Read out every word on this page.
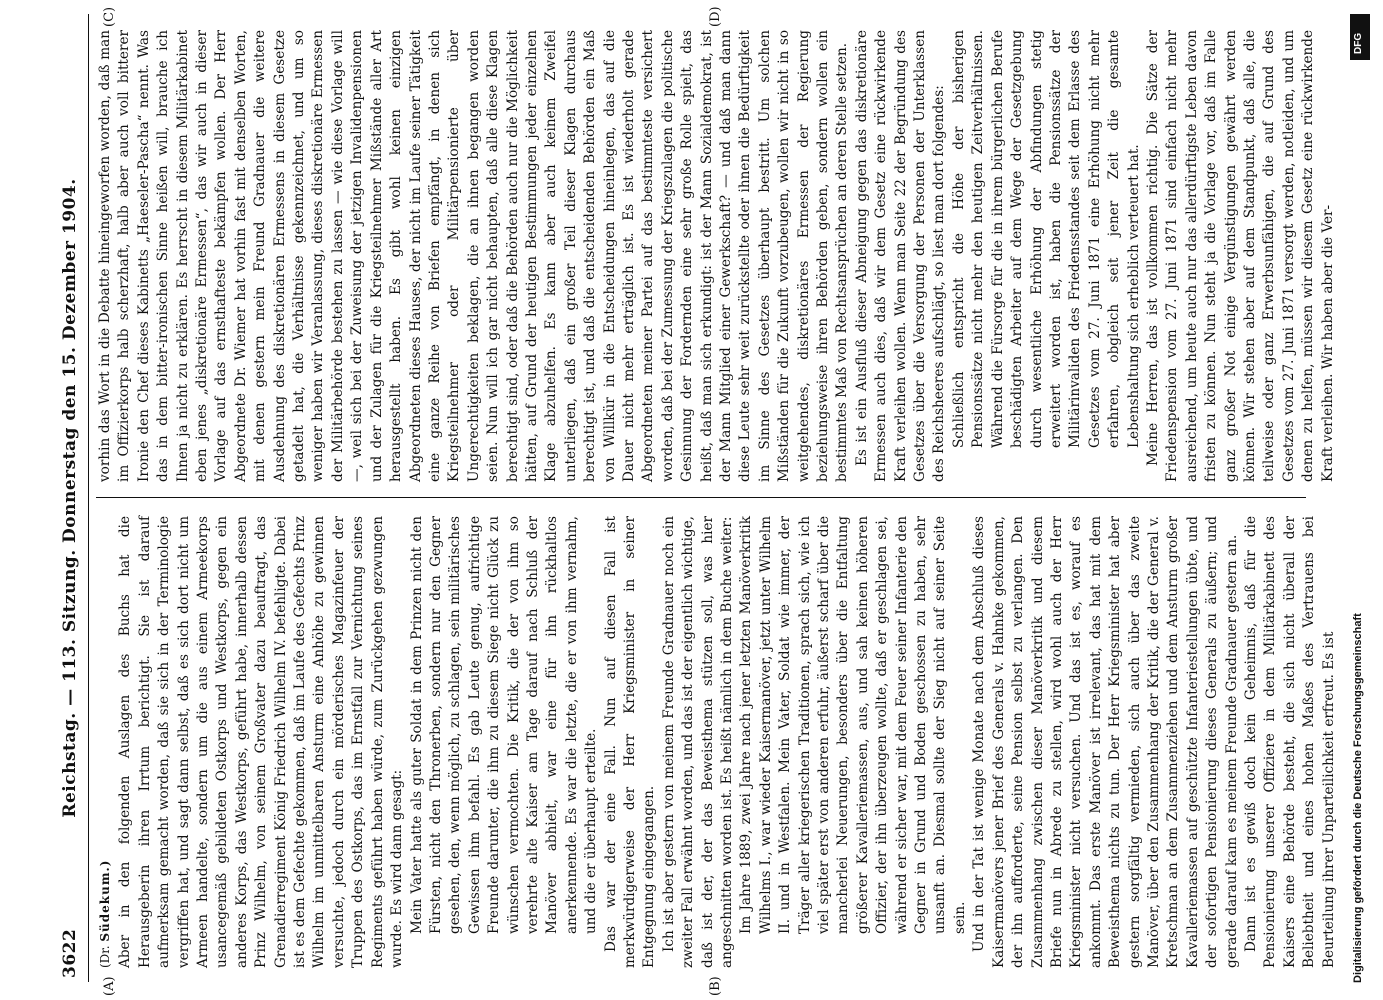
3622
Reichstag. — 113. Sitzung. Donnerstag den 15. Dezember 1904.
(A)	(B)
(C)	(D)
(Dr. Südekum.) Aber in den folgenden Auslagen des Buchs hat die Herausgeberin ihren Irrtum berichtigt. Sie ist darauf aufmerksam gemacht worden, daß sie sich in der Terminologie vergriffen hat, und sagt dann selbst, daß es sich dort nicht um Armeen handelte, sondern um die aus einem Armeekorps usancegemäß gebildeten Ostkorps und Westkorps, gegen ein anderes Korps, das Westkorps, geführt habe, innerhalb dessen Prinz Wilhelm, von seinem Großvater dazu beauftragt, das Grenadierregiment König Friedrich Wilhelm IV. befehligte. Dabei ist es dem Gefechte gekommen, daß im Laufe des Gefechts Prinz Wilhelm im unmittelbaren Ansturm eine Anhöhe zu gewinnen versuchte, jedoch durch ein mörderisches Magazinfeuer der Truppen des Ostkorps, das im Ernstfall zur Vernichtung seines Regiments geführt haben würde, zum Zurückgehen gezwungen wurde. Es wird dann gesagt: Mein Vater hatte als guter Soldat in dem Prinzen nicht den Fürsten, nicht den Thronerben, sondern nur den Gegner gesehen, den, wenn möglich, zu schlagen, sein militärisches Gewissen ihm befahl. Es gab Leute genug, aufrichtige Freunde darunter, die ihm zu diesem Siege nicht Glück zu wünschen vermochten. Die Kritik, die der von ihm so verehrte alte Kaiser am Tage darauf nach Schluß der Manöver abhielt, war eine für ihn rückhaltlos anerkennende. Es war die letzte, die er von ihm vernahm, und die er überhaupt erteilte. Das war der eine Fall. Nun auf diesen Fall ist merkwürdigerweise der Herr Kriegsminister in seiner Entgegnung eingegangen. Ich ist aber gestern von meinem Freunde Gradnauer noch ein zweiter Fall erwähnt worden, und das ist der eigentlich wichtige, daß ist der, der das Beweisthema stützen soll, was hier angeschnitten worden ist. Es heißt nämlich in dem Buche weiter: Im Jahre 1889, zwei Jahre nach jener letzten Manöverkritik Wilhelms I., war wieder Kaisermanöver, jetzt unter Wilhelm II. und in Westfalen. Mein Vater, Soldat wie immer, der Träger aller kriegerischen Traditionen, sprach sich, wie ich viel später erst von anderen erfuhr, äußerst scharf über die mancherlei Neuerungen, besonders über die Entfaltung größerer Kavalleriemassen, aus, und sah keinen höheren Offizier, der ihn überzeugen wollte, daß er geschlagen sei, während er sicher war, mit dem Feuer seiner Infanterie den Gegner in Grund und Boden geschossen zu haben, sehr unsanft an. Diesmal sollte der Sieg nicht auf seiner Seite sein. Und in der Tat ist wenige Monate nach dem Abschluß dieses Kaisermanövers jener Brief des Generals v. Hahnke gekommen, der ihn aufforderte, seine Pension selbst zu verlangen. Den Zusammenhang zwischen dieser Manöverkritik und diesem Briefe nun in Abrede zu stellen, wird wohl auch der Herr Kriegsminister nicht versuchen. Und das ist es, worauf es ankommt. Das erste Manöver ist irrelevant, das hat mit dem Beweisthema nichts zu tun. Der Herr Kriegsminister hat aber gestern sorgfältig vermieden, sich auch über das zweite Manöver, über den Zusammenhang der Kritik, die der General v. Kretschman an dem Zusammenziehen und dem Ansturm großer Kavalleriemassen auf geschützte Infanteriestellungen übte, und der sofortigen Pensionierung dieses Generals zu äußern; und gerade darauf kam es meinem Freunde Gradnauer gestern an. Dann ist es gewiß doch kein Geheimnis, daß für die Pensionierung unserer Offiziere in dem Militärkabinett des Kaisers eine Behörde besteht, die sich nicht überall der Beliebtheit und eines hohen Maßes des Vertrauens bei Beurteilung ihrer Unparteilichkeit erfreut. Es ist

vorhin das Wort in die Debatte hineingeworfen worden, daß man im Offizierkorps halb scherzhaft, halb aber auch voll bitterer Ironie den Chef dieses Kabinetts „Haeseler-Pascha“ nennt. Was das in dem bitter-ironischen Sinne heißen will, brauche ich Ihnen ja nicht zu erklären. Es herrscht in diesem Militärkabinet eben jenes „diskretionäre Ermessen“, das wir auch in dieser Vorlage auf das ernsthafteste bekämpfen wollen. Der Herr Abgeordnete Dr. Wiemer hat vorhin fast mit denselben Worten, mit denen gestern mein Freund Gradnauer die weitere Ausdehnung des diskretionären Ermessens in diesem Gesetze getadelt hat, die Verhältnisse gekennzeichnet, und um so weniger haben wir Veranlassung, dieses diskretionäre Ermessen der Militärbehörde bestehen zu lassen — wie diese Vorlage will —, weil sich bei der Zuweisung der jetzigen Invalidenpensionen und der Zulagen für die Kriegsteilnehmer Mißstände aller Art herausgestellt haben. Es gibt wohl keinen einzigen Abgeordneten dieses Hauses, der nicht im Laufe seiner Tätigkeit eine ganze Reihe von Briefen empfängt, in denen sich Kriegsteilnehmer oder Militärpensionierte über Ungerechtigkeiten beklagen, die an ihnen begangen worden seien. Nun will ich gar nicht behaupten, daß alle diese Klagen berechtigt sind, oder daß die Behörden auch nur die Möglichkeit hätten, auf Grund der heutigen Bestimmungen jeder einzelnen Klage abzuhelfen. Es kann aber auch keinem Zweifel unterliegen, daß ein großer Teil dieser Klagen durchaus berechtigt ist, und daß die entscheidenden Behörden ein Maß von Willkür in die Entscheidungen hineinlegen, das auf die Dauer nicht mehr erträglich ist. Es ist wiederholt gerade Abgeordneten meiner Partei auf das bestimmteste versichert worden, daß bei der Zumessung der Kriegszulagen die politische Gesinnung der Fordernden eine sehr große Rolle spielt, das heißt, daß man sich erkundigt: ist der Mann Sozialdemokrat, ist der Mann Mitglied einer Gewerkschaft? — und daß man dann diese Leute sehr weit zurückstellte oder ihnen die Bedürftigkeit im Sinne des Gesetzes überhaupt bestritt. Um solchen Mißständen für die Zukunft vorzubeugen, wollen wir nicht in so weitgehendes, diskretionäres Ermessen der Regierung beziehungsweise ihren Behörden geben, sondern wollen ein bestimmtes Maß von Rechtsansprüchen an deren Stelle setzen. Es ist ein Ausfluß dieser Abneigung gegen das diskretionäre Ermessen auch dies, daß wir dem Gesetz eine rückwirkende Kraft verleihen wollen. Wenn man Seite 22 der Begründung des Gesetzes über die Versorgung der Personen der Unterklassen des Reichsheeres aufschlägt, so liest man dort folgendes: Schließlich entspricht die Höhe der bisherigen Pensionssätze nicht mehr den heutigen Zeitverhältnissen. Während die Fürsorge für die in ihrem bürgerlichen Berufe beschädigten Arbeiter auf dem Wege der Gesetzgebung durch wesentliche Erhöhung der Abfindungen stetig erweitert worden ist, haben die Pensionssätze der Militärinvaliden des Friedensstandes seit dem Erlasse des Gesetzes vom 27. Juni 1871 eine Erhöhung nicht mehr erfahren, obgleich seit jener Zeit die gesamte Lebenshaltung sich erheblich verteuert hat. Meine Herren, das ist vollkommen richtig. Die Sätze der Friedenspension vom 27. Juni 1871 sind einfach nicht mehr ausreichend, um heute auch nur das allerdürftigste Leben davon fristen zu können. Nun steht ja die Vorlage vor, daß im Falle ganz großer Not einige Vergünstigungen gewährt werden können. Wir stehen aber auf dem Standpunkt, daß alle, die teilweise oder ganz Erwerbsunfähigen, die auf Grund des Gesetzes vom 27. Juni 1871 versorgt werden, notleiden, und um denen zu helfen, müssen wir diesem Gesetz eine rückwirkende Kraft verleihen. Wir haben aber die Ver-

DFG
Digitalisierung gefördert durch die Deutsche Forschungsgemeinschaft
